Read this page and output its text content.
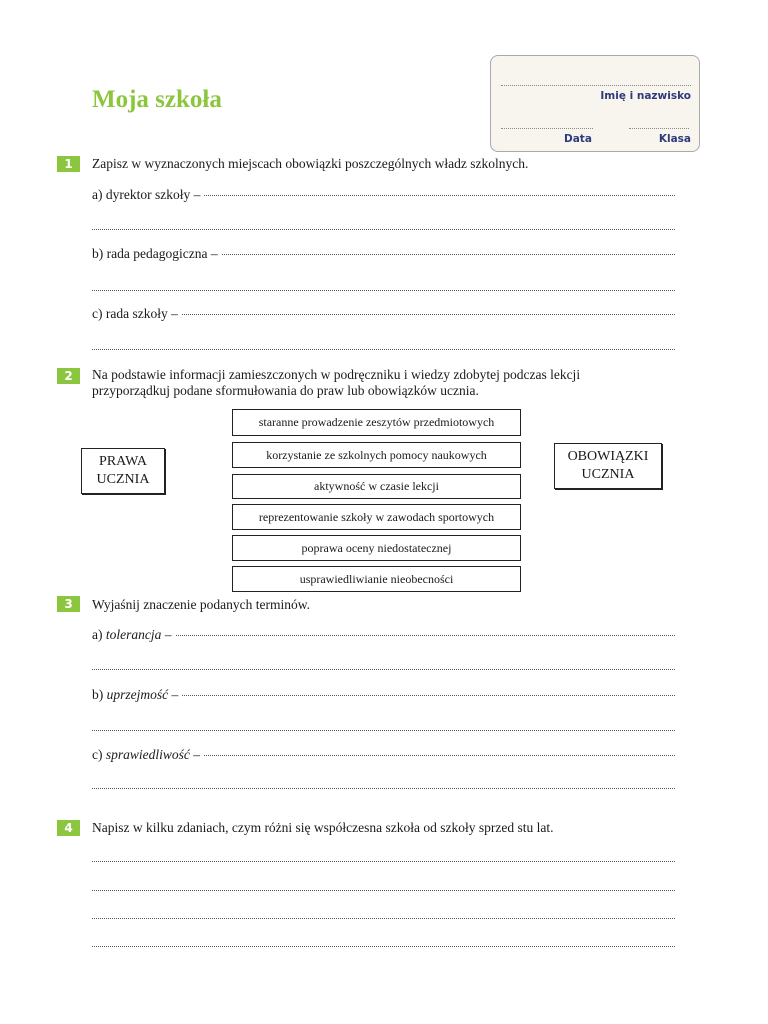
Moja szkoła	Imię i nazwisko
Data	Klasa
1	Zapisz w wyznaczonych miejscach obowiązki poszczególnych władz szkolnych.
a) dyrektor szkoły –
b) rada pedagogiczna –
c) rada szkoły –
2	Na podstawie informacji zamieszczonych w podręczniku i wiedzy zdobytej podczas lekcji przyporządkuj podane sformułowania do praw lub obowiązków ucznia.
PRAWA UCZNIA
OBOWIĄZKI UCZNIA
staranne prowadzenie zeszytów przedmiotowych
korzystanie ze szkolnych pomocy naukowych
aktywność w czasie lekcji
reprezentowanie szkoły w zawodach sportowych
poprawa oceny niedostatecznej
usprawiedliwianie nieobecności
3	Wyjaśnij znaczenie podanych terminów.
a) tolerancja –
b) uprzejmość –
c) sprawiedliwość –
4	Napisz w kilku zdaniach, czym różni się współczesna szkoła od szkoły sprzed stu lat.
